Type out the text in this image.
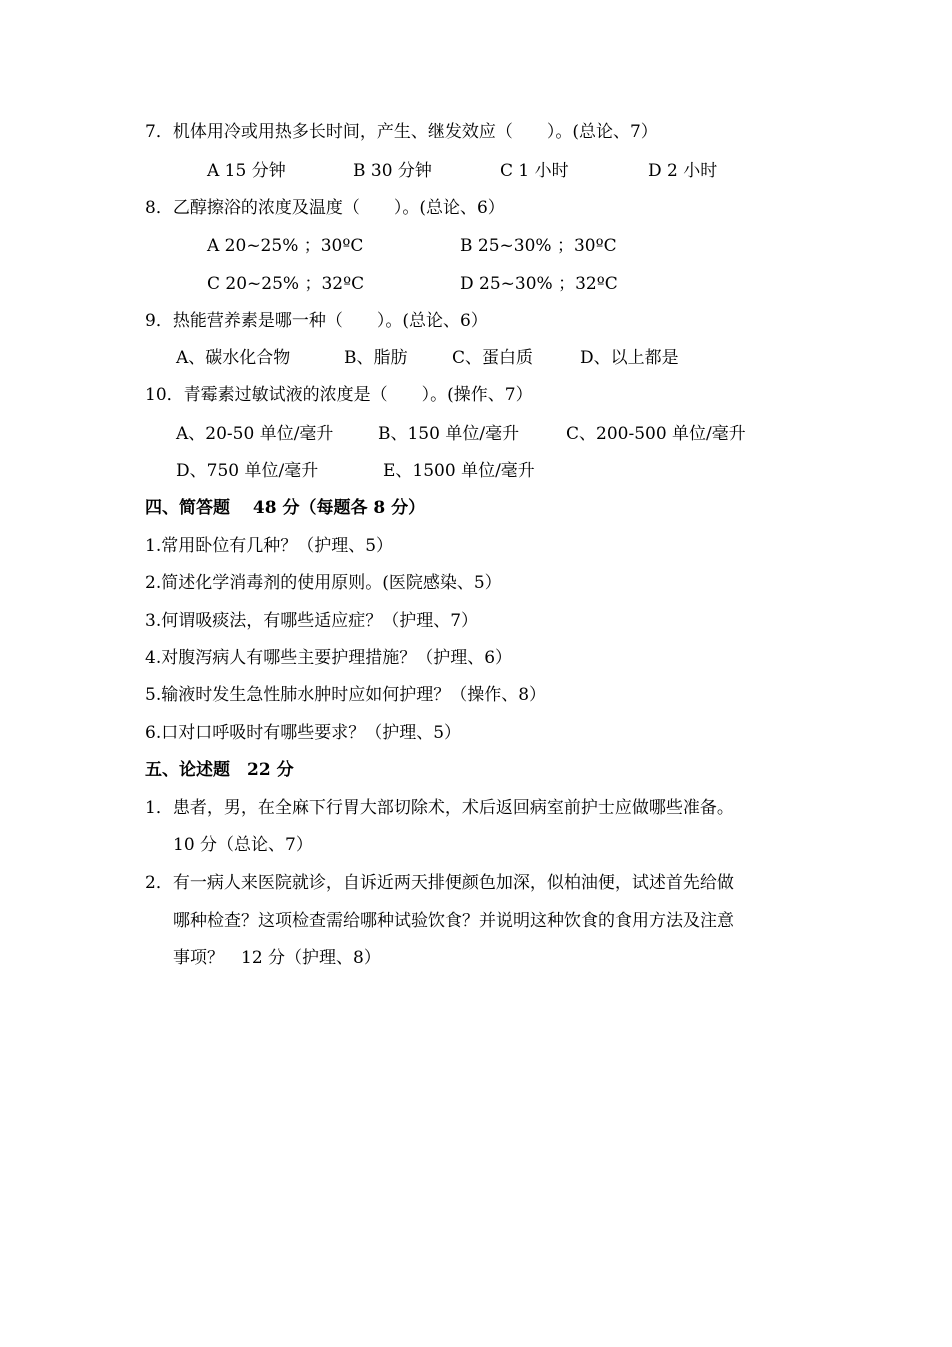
7．机体用冷或用热多长时间，产生、继发效应（　　）。(总论、7）
A 15 分钟	B 30 分钟	C 1 小时	D 2 小时
8．乙醇擦浴的浓度及温度（　　）。(总论、6）
A 20~25% ；30ºC	B 25~30% ；30ºC
C 20~25% ；32ºC	D 25~30% ；32ºC
9．热能营养素是哪一种（　　）。(总论、6）
A、碳水化合物	B、脂肪	C、蛋白质	D、以上都是
10．青霉素过敏试液的浓度是（　　）。(操作、7）
A、20-50 单位/毫升	B、150 单位/毫升	C、200-500 单位/毫升
D、750 单位/毫升	E、1500 单位/毫升
四、简答题　 48 分（每题各 8 分）
1.常用卧位有几种？（护理、5）
2.简述化学消毒剂的使用原则。(医院感染、5）
3.何谓吸痰法，有哪些适应症？（护理、7）
4.对腹泻病人有哪些主要护理措施？（护理、6）
5.输液时发生急性肺水肿时应如何护理？（操作、8）
6.口对口呼吸时有哪些要求？（护理、5）
五、论述题　22 分
1．患者，男，在全麻下行胃大部切除术，术后返回病室前护士应做哪些准备。
10 分（总论、7）
2．有一病人来医院就诊，自诉近两天排便颜色加深，似柏油便，试述首先给做
哪种检查？这项检查需给哪种试验饮食？并说明这种饮食的食用方法及注意
事项？　12 分（护理、8）
